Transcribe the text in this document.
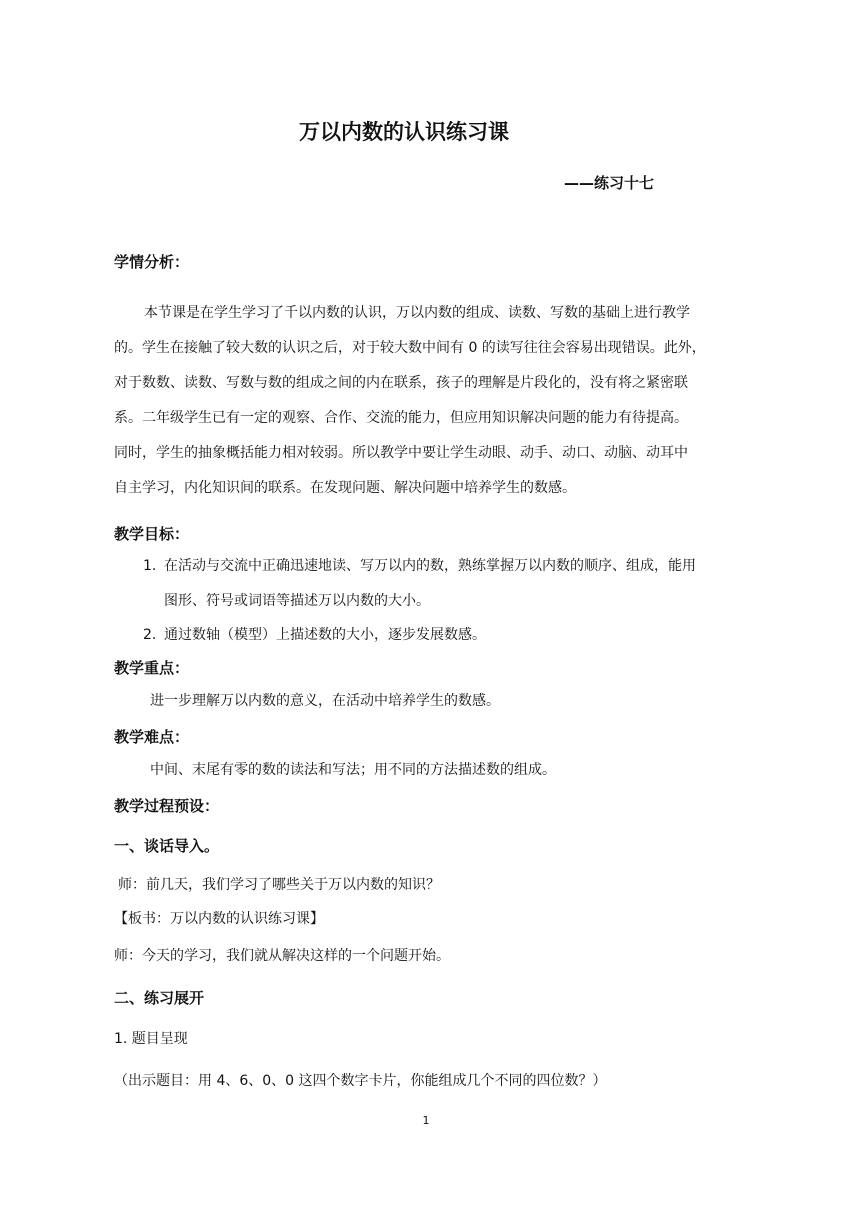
万以内数的认识练习课
——练习十七
学情分析：
本节课是在学生学习了千以内数的认识，万以内数的组成、读数、写数的基础上进行教学
的。学生在接触了较大数的认识之后，对于较大数中间有 0 的读写往往会容易出现错误。此外，
对于数数、读数、写数与数的组成之间的内在联系，孩子的理解是片段化的，没有将之紧密联
系。二年级学生已有一定的观察、合作、交流的能力，但应用知识解决问题的能力有待提高。
同时，学生的抽象概括能力相对较弱。所以教学中要让学生动眼、动手、动口、动脑、动耳中
自主学习，内化知识间的联系。在发现问题、解决问题中培养学生的数感。
教学目标：
1. 在活动与交流中正确迅速地读、写万以内的数，熟练掌握万以内数的顺序、组成，能用
图形、符号或词语等描述万以内数的大小。
2. 通过数轴（模型）上描述数的大小，逐步发展数感。
教学重点：
进一步理解万以内数的意义，在活动中培养学生的数感。
教学难点：
中间、末尾有零的数的读法和写法；用不同的方法描述数的组成。
教学过程预设：
一、谈话导入。
师：前几天，我们学习了哪些关于万以内数的知识？
【板书：万以内数的认识练习课】
师：今天的学习，我们就从解决这样的一个问题开始。
二、练习展开
1. 题目呈现
（出示题目：用 4、6、0、0 这四个数字卡片，你能组成几个不同的四位数？）
1
